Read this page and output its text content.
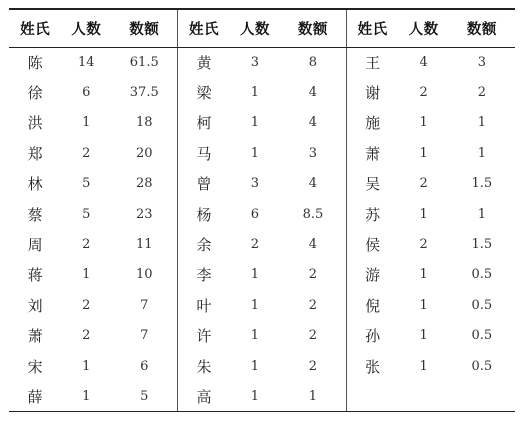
姓氏	人数	数额	姓氏	人数	数额	姓氏	人数	数额
陈	14	61.5	黄	3	8	王	4	3
徐	6	37.5	梁	1	4	谢	2	2
洪	1	18	柯	1	4	施	1	1
郑	2	20	马	1	3	萧	1	1
林	5	28	曾	3	4	吴	2	1.5
蔡	5	23	杨	6	8.5	苏	1	1
周	2	11	余	2	4	侯	2	1.5
蒋	1	10	李	1	2	游	1	0.5
刘	2	7	叶	1	2	倪	1	0.5
萧	2	7	许	1	2	孙	1	0.5
宋	1	6	朱	1	2	张	1	0.5
薛	1	5	高	1	1			
